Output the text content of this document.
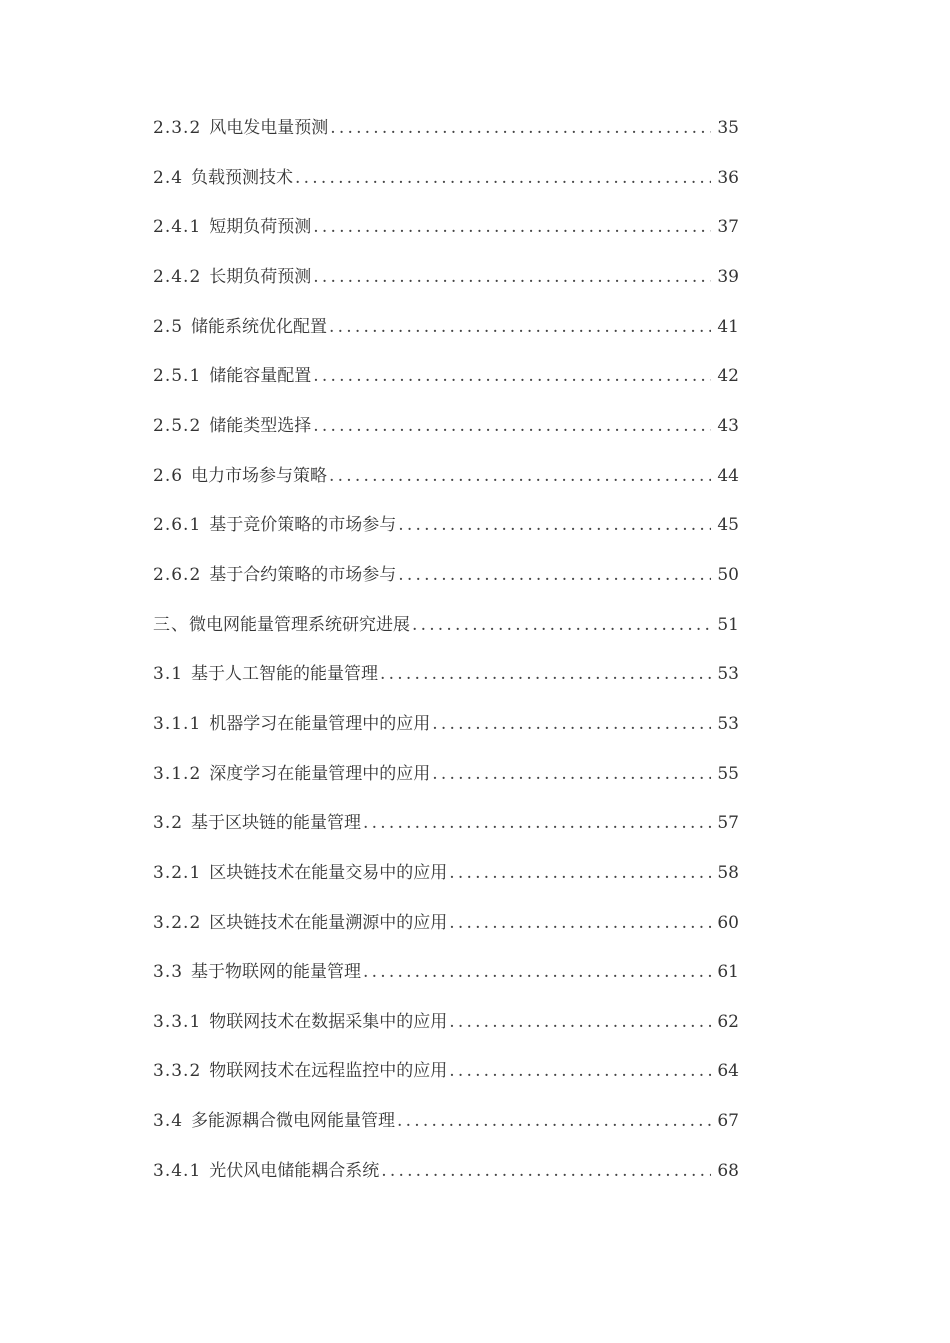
2.3.2 风电发电量预测 .....	35
2.4 负载预测技术 .....	36
2.4.1 短期负荷预测 .....	37
2.4.2 长期负荷预测 .....	39
2.5 储能系统优化配置 .....	41
2.5.1 储能容量配置 .....	42
2.5.2 储能类型选择 .....	43
2.6 电力市场参与策略 .....	44
2.6.1 基于竞价策略的市场参与 .....	45
2.6.2 基于合约策略的市场参与 .....	50
三、 微电网能量管理系统研究进展 .....	51
3.1 基于人工智能的能量管理 .....	53
3.1.1 机器学习在能量管理中的应用 .....	53
3.1.2 深度学习在能量管理中的应用 .....	55
3.2 基于区块链的能量管理 .....	57
3.2.1 区块链技术在能量交易中的应用 .....	58
3.2.2 区块链技术在能量溯源中的应用 .....	60
3.3 基于物联网的能量管理 .....	61
3.3.1 物联网技术在数据采集中的应用 .....	62
3.3.2 物联网技术在远程监控中的应用 .....	64
3.4 多能源耦合微电网能量管理 .....	67
3.4.1 光伏风电储能耦合系统 .....	68
